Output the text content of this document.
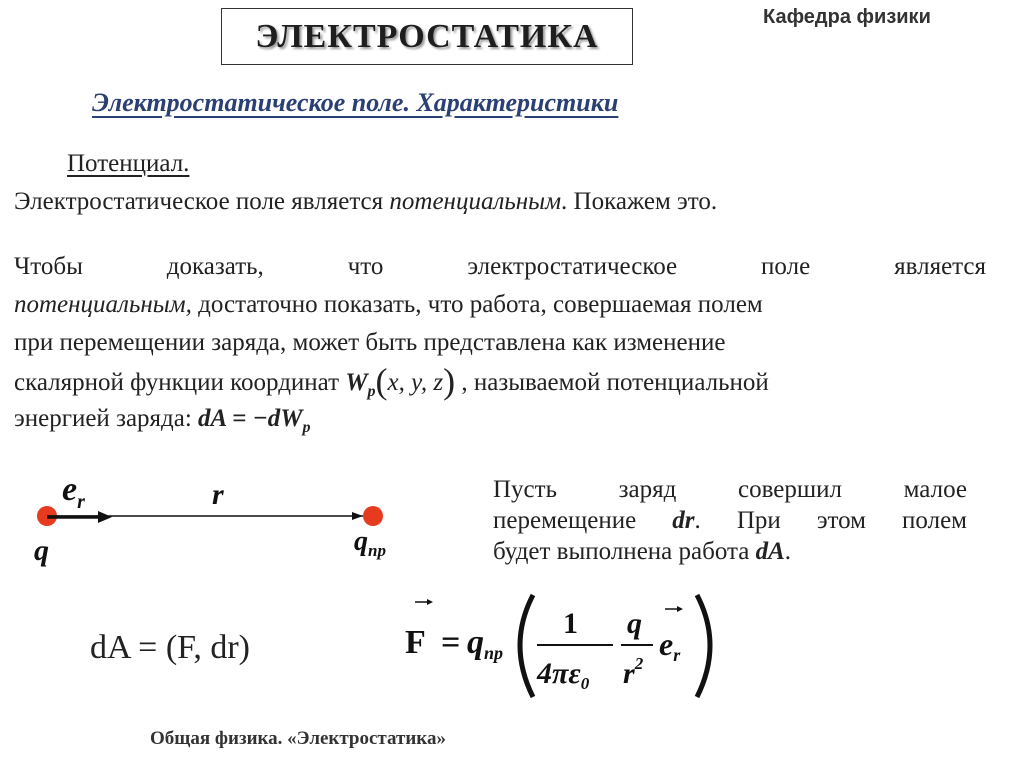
ЭЛЕКТРОСТАТИКА
Кафедра физики
Электростатическое поле. Характеристики
Потенциал.
Электростатическое поле является потенциальным. Покажем это.
Чтобы доказать, что электростатическое поле является
потенциальным, достаточно показать, что работа, совершаемая полем
при перемещении заряда, может быть представлена как изменение
скалярной функции координат $W_p(x$, y, z) , называемой потенциальной
энергией заряда: dA = $-dW_p$
$e_r$	r
q	$q_{пр}$
Пусть заряд совершил малое
перемещение dr. При этом полем
будет выполнена работа dA.
dA = (F, dr)	F = qпр
1
$4\pi\varepsilon_0$
q
$r^2$
er
Общая физика. «Электростатика»
